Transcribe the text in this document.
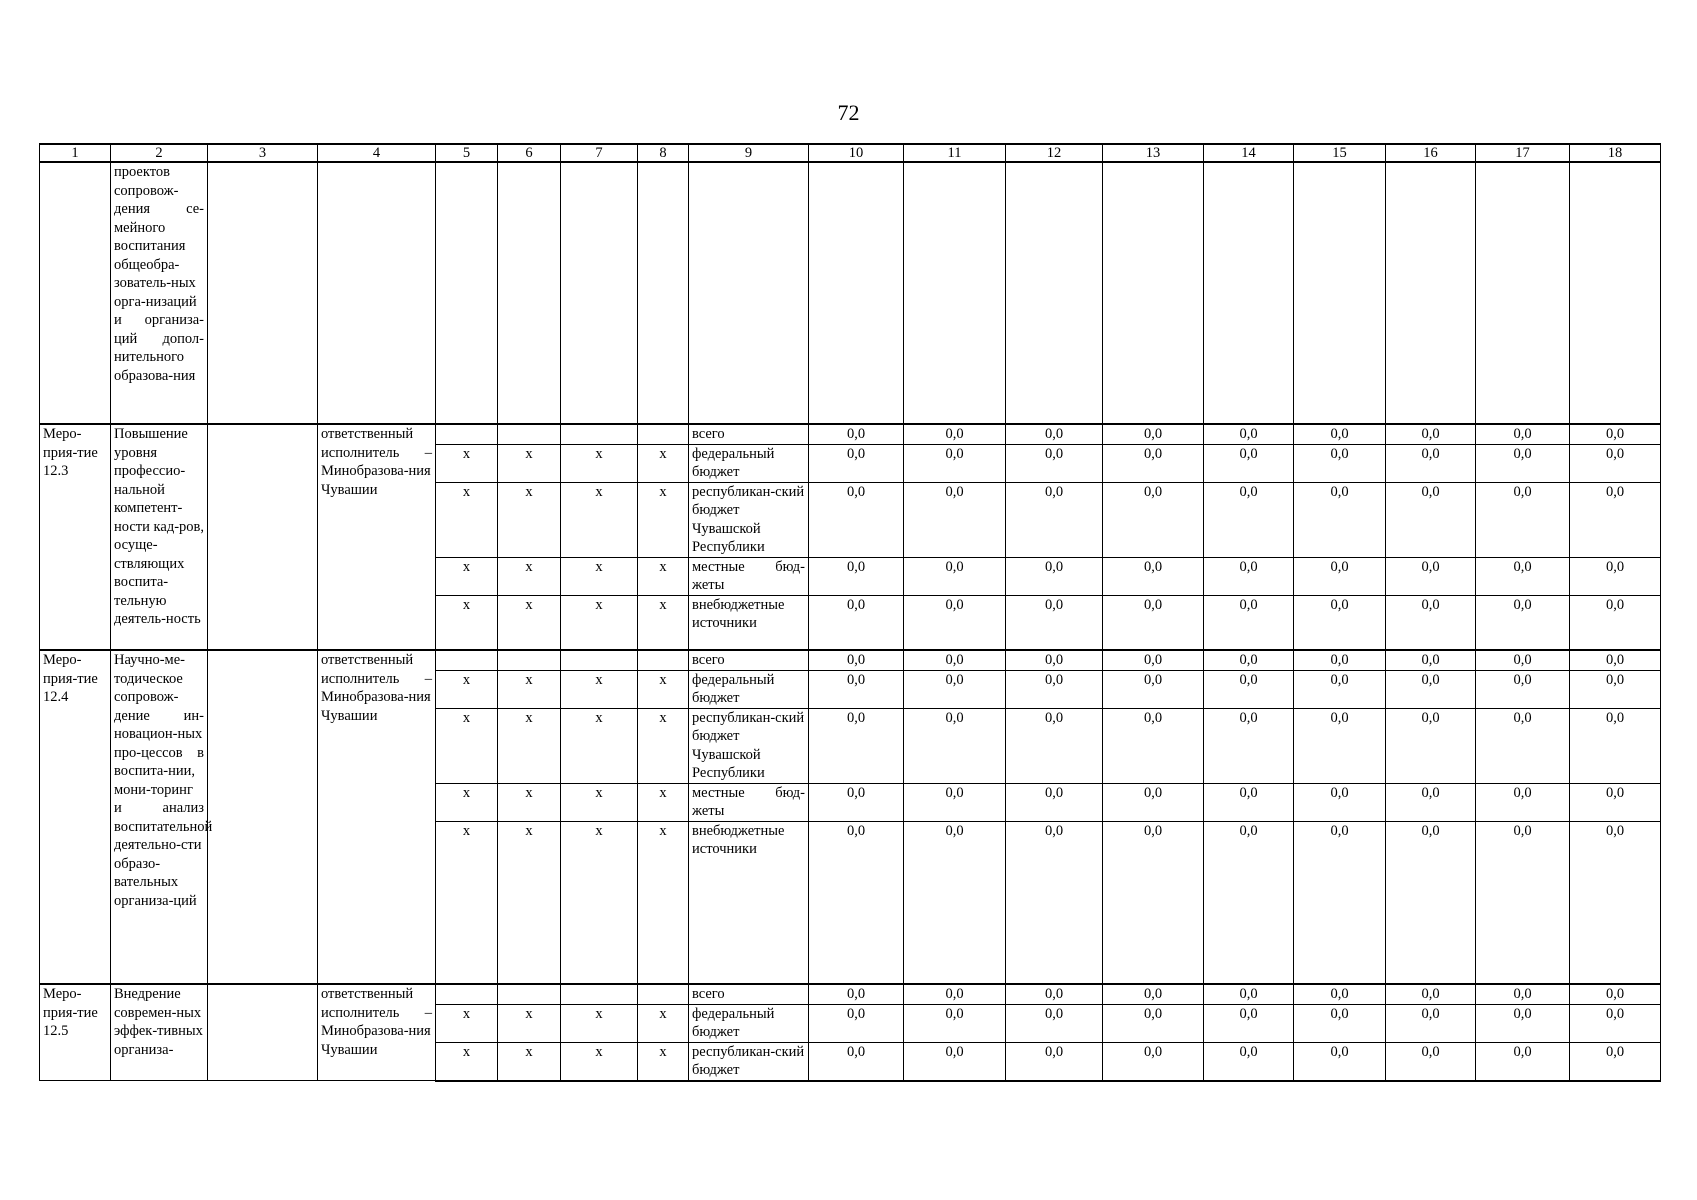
72
1	2	3	4	5	6	7	8	9	10	11	12	13	14	15	16	17	18
	проектов сопровож-дения се-мейного воспитания общеобра-зователь-ных орга-низаций и организа-ций допол-нительного образова-ния																
Меро-прия-тие 12.3	Повышение уровня профессио-нальной компетент-ности кад-ров, осуще-ствляющих воспита-тельную деятель-ность		ответственный исполнитель – Минобразова-ния Чувашии					всего	0,0	0,0	0,0	0,0	0,0	0,0	0,0	0,0	0,0
				х	х	х	х	федеральный бюджет	0,0	0,0	0,0	0,0	0,0	0,0	0,0	0,0	0,0
				х	х	х	х	республикан-ский бюджет Чувашской Республики	0,0	0,0	0,0	0,0	0,0	0,0	0,0	0,0	0,0
				х	х	х	х	местные бюд-жеты	0,0	0,0	0,0	0,0	0,0	0,0	0,0	0,0	0,0
				х	х	х	х	внебюджетные источники	0,0	0,0	0,0	0,0	0,0	0,0	0,0	0,0	0,0
Меро-прия-тие 12.4	Научно-ме-тодическое сопровож-дение ин-новацион-ных про-цессов в воспита-нии, мони-торинг и анализ воспитательной деятельно-сти образо-вательных организа-ций		ответственный исполнитель – Минобразова-ния Чувашии					всего	0,0	0,0	0,0	0,0	0,0	0,0	0,0	0,0	0,0
				х	х	х	х	федеральный бюджет	0,0	0,0	0,0	0,0	0,0	0,0	0,0	0,0	0,0
				х	х	х	х	республикан-ский бюджет Чувашской Республики	0,0	0,0	0,0	0,0	0,0	0,0	0,0	0,0	0,0
				х	х	х	х	местные бюд-жеты	0,0	0,0	0,0	0,0	0,0	0,0	0,0	0,0	0,0
				х	х	х	х	внебюджетные источники	0,0	0,0	0,0	0,0	0,0	0,0	0,0	0,0	0,0
Меро-прия-тие 12.5	Внедрение современ-ных эффек-тивных организа-		ответственный исполнитель – Минобразова-ния Чувашии					всего	0,0	0,0	0,0	0,0	0,0	0,0	0,0	0,0	0,0
				х	х	х	х	федеральный бюджет	0,0	0,0	0,0	0,0	0,0	0,0	0,0	0,0	0,0
				х	х	х	х	республикан-ский бюджет	0,0	0,0	0,0	0,0	0,0	0,0	0,0	0,0	0,0
